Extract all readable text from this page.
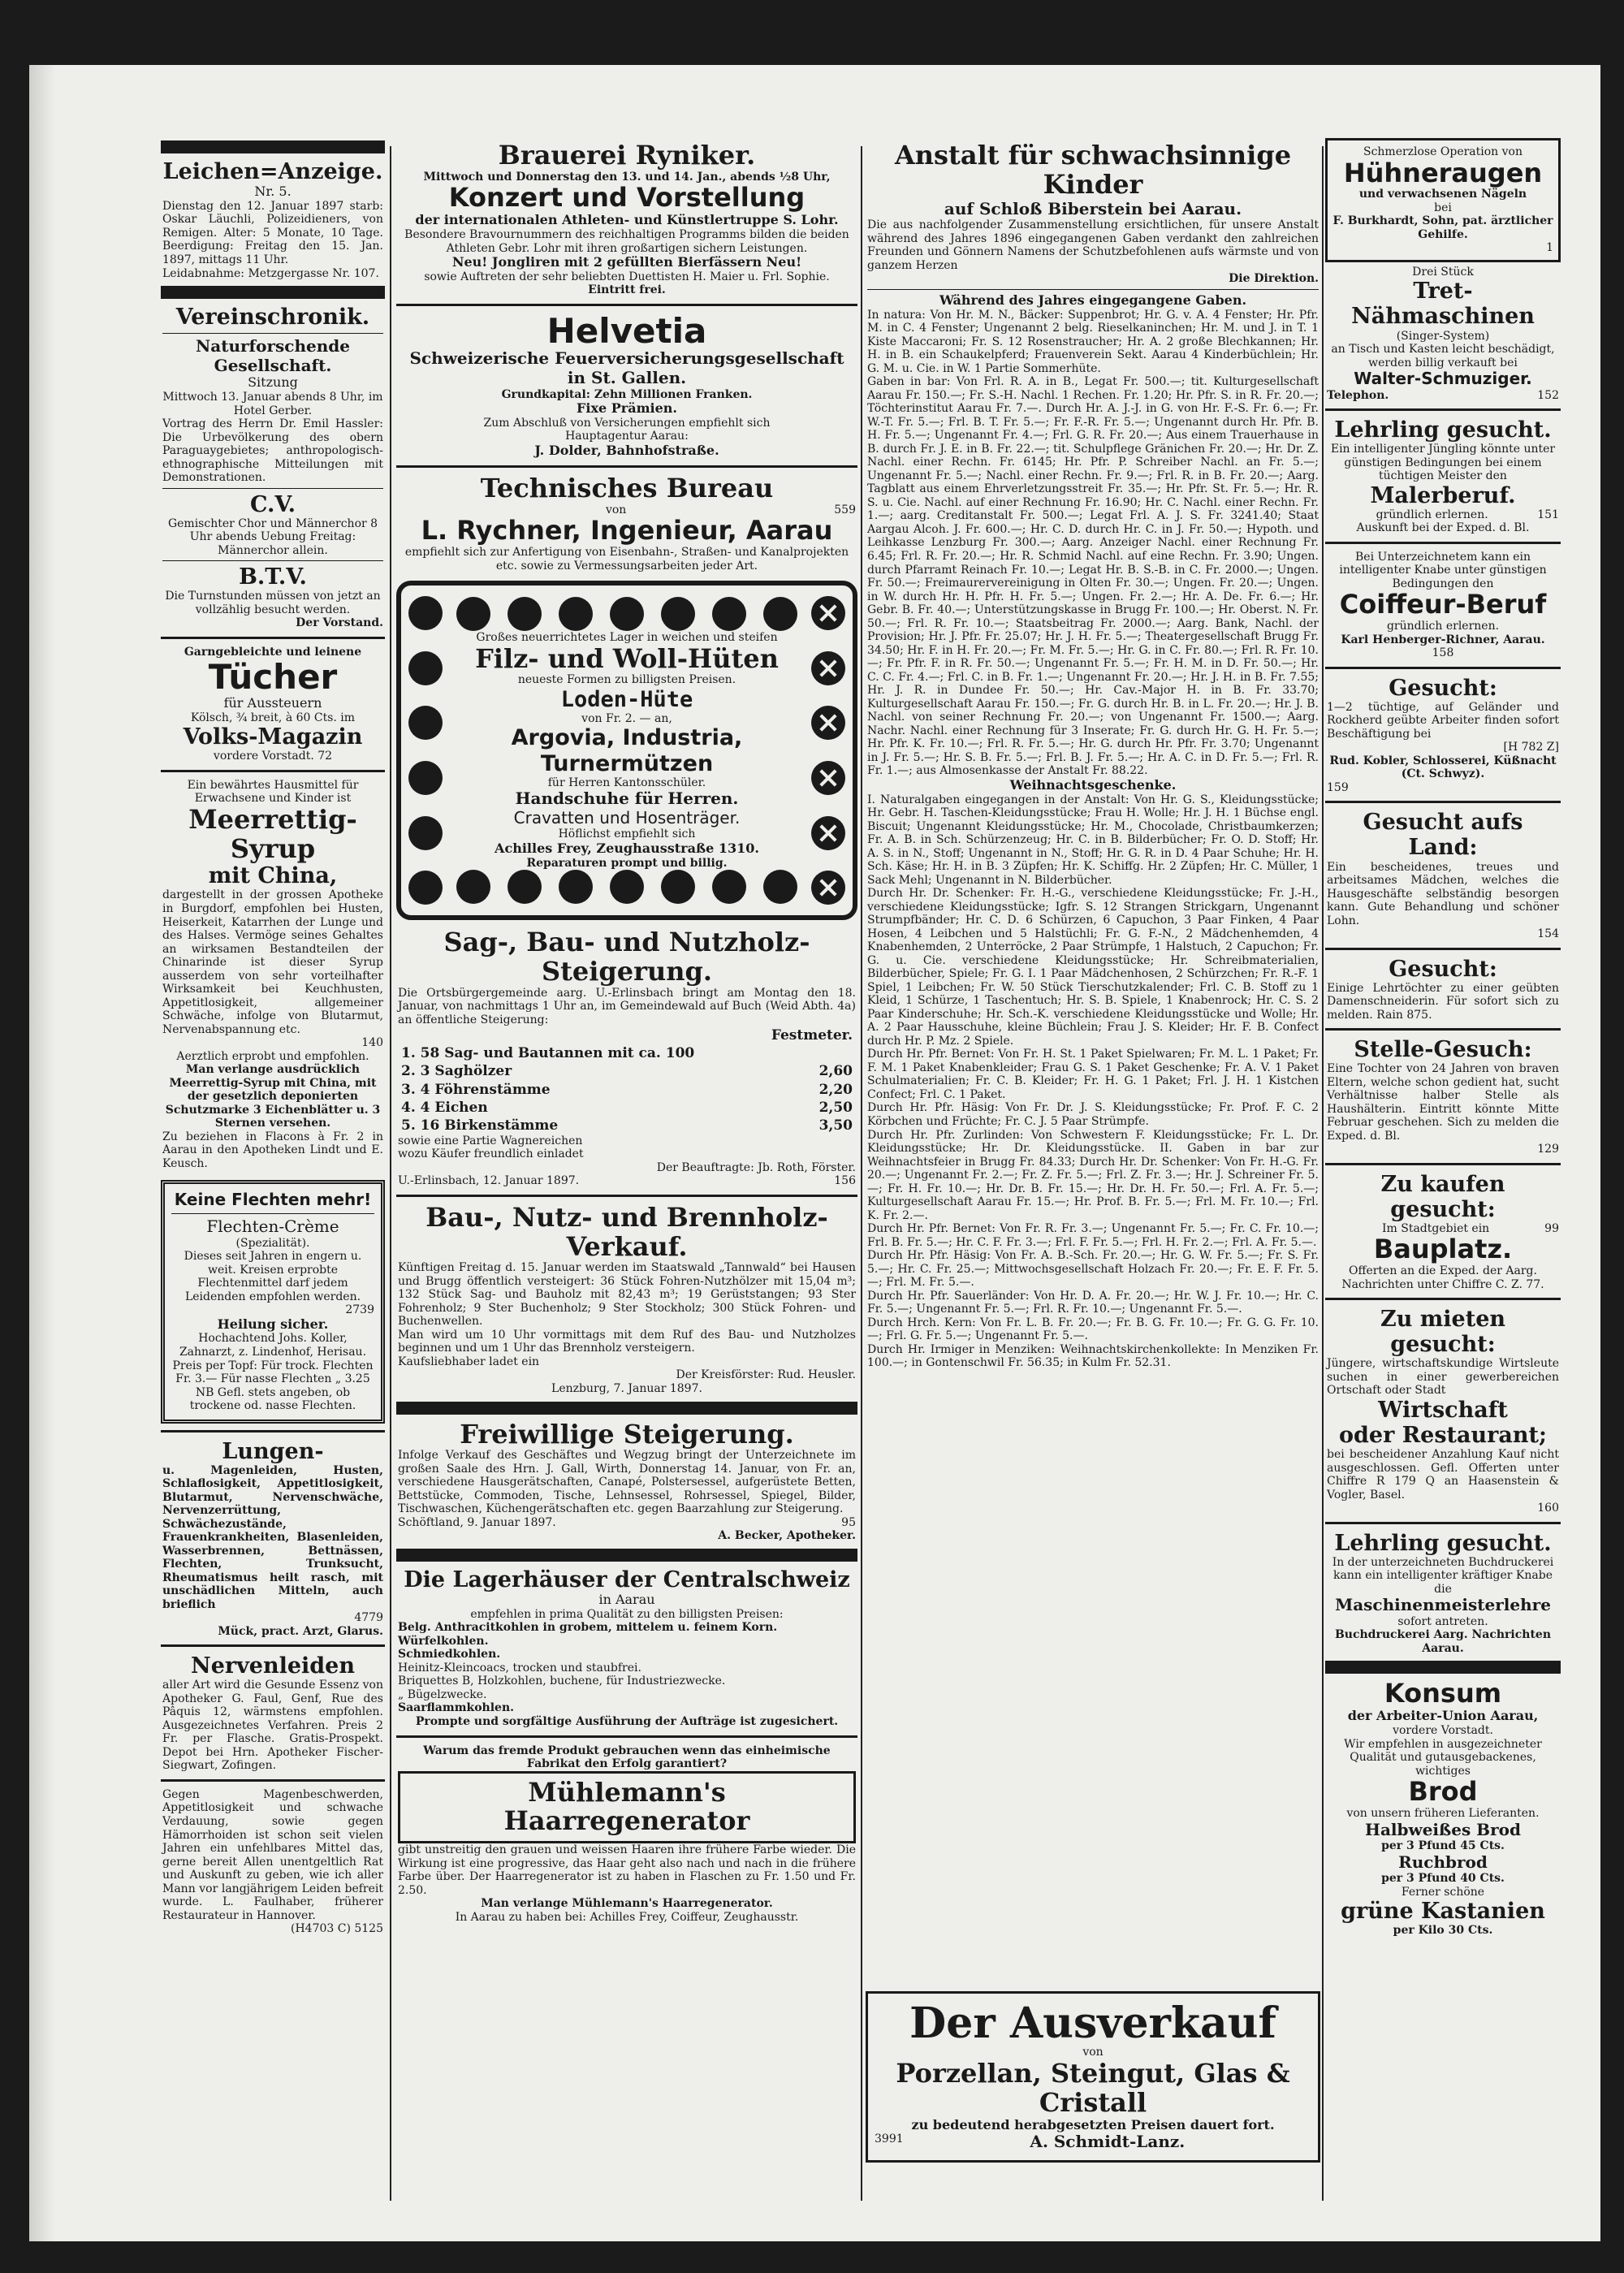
Leichen=Anzeige.
Nr. 5.
Dienstag den 12. Januar 1897 starb: Oskar Läuchli, Polizeidieners, von Remigen. Alter: 5 Monate, 10 Tage. Beerdigung: Freitag den 15. Jan. 1897, mittags 11 Uhr.
Leidabnahme: Metzgergasse Nr. 107.
Vereinschronik.
Naturforschende Gesellschaft.
Sitzung
Mittwoch 13. Januar abends 8 Uhr, im Hotel Gerber.
Vortrag des Herrn Dr. Emil Hassler: Die Urbevölkerung des obern Paraguaygebietes; anthropologisch-ethnographische Mitteilungen mit Demonstrationen.
C.V.
Gemischter Chor und Männerchor 8 Uhr abends Uebung Freitag: Männerchor allein.
B.T.V.
Die Turnstunden müssen von jetzt an vollzählig besucht werden.
Der Vorstand.
Garngebleichte und leinene
Tücher
für Aussteuern
Kölsch, ¾ breit, à 60 Cts. im
Volks-Magazin
vordere Vorstadt. 72
Ein bewährtes Hausmittel für Erwachsene und Kinder ist
Meerrettig-Syrup
mit China,
dargestellt in der grossen Apotheke in Burgdorf, empfohlen bei Husten, Heiserkeit, Katarrhen der Lunge und des Halses. Vermöge seines Gehaltes an wirksamen Bestandteilen der Chinarinde ist dieser Syrup ausserdem von sehr vorteilhafter Wirksamkeit bei Keuchhusten, Appetitlosigkeit, allgemeiner Schwäche, infolge von Blutarmut, Nervenabspannung etc.
140
Aerztlich erprobt und empfohlen.
Man verlange ausdrücklich Meerrettig-Syrup mit China, mit der gesetzlich deponierten Schutzmarke 3 Eichenblätter u. 3 Sternen versehen.
Zu beziehen in Flacons à Fr. 2 in Aarau in den Apotheken Lindt und E. Keusch.
Keine Flechten mehr!
Flechten-Crème
(Spezialität).
Dieses seit Jahren in engern u. weit. Kreisen erprobte Flechtenmittel darf jedem Leidenden empfohlen werden.
2739
Heilung sicher.
Hochachtend Johs. Koller, Zahnarzt, z. Lindenhof, Herisau.
Preis per Topf: Für trock. Flechten Fr. 3.— Für nasse Flechten „ 3.25
NB Gefl. stets angeben, ob trockene od. nasse Flechten.
Lungen-
u. Magenleiden, Husten, Schlaflosigkeit, Appetitlosigkeit, Blutarmut, Nervenschwäche, Nervenzerrüttung, Schwächezustände, Frauenkrankheiten, Blasenleiden, Wasserbrennen, Bettnässen, Flechten, Trunksucht, Rheumatismus heilt rasch, mit unschädlichen Mitteln, auch brieflich
4779
Mück, pract. Arzt, Glarus.
Nervenleiden
aller Art wird die Gesunde Essenz von Apotheker G. Faul, Genf, Rue des Pâquis 12, wärmstens empfohlen. Ausgezeichnetes Verfahren. Preis 2 Fr. per Flasche. Gratis-Prospekt. Depot bei Hrn. Apotheker Fischer-Siegwart, Zofingen.
Gegen Magenbeschwerden, Appetitlosigkeit und schwache Verdauung, sowie gegen Hämorrhoiden ist schon seit vielen Jahren ein unfehlbares Mittel das, gerne bereit Allen unentgeltlich Rat und Auskunft zu geben, wie ich aller Mann vor langjährigem Leiden befreit wurde. L. Faulhaber, früherer Restaurateur in Hannover.
(H4703 C) 5125
Brauerei Ryniker.
Mittwoch und Donnerstag den 13. und 14. Jan., abends ½8 Uhr,
Konzert und Vorstellung
der internationalen Athleten- und Künstlertruppe S. Lohr.
Besondere Bravournummern des reichhaltigen Programms bilden die beiden Athleten Gebr. Lohr mit ihren großartigen sichern Leistungen.
Neu! Jongliren mit 2 gefüllten Bierfässern Neu!
sowie Auftreten der sehr beliebten Duettisten H. Maier u. Frl. Sophie.
Eintritt frei.
Helvetia
Schweizerische Feuerversicherungsgesellschaft in St. Gallen.
Grundkapital: Zehn Millionen Franken.
Fixe Prämien.
Zum Abschluß von Versicherungen empfiehlt sich
Hauptagentur Aarau:
J. Dolder, Bahnhofstraße.
Technisches Bureau
von	559
L. Rychner, Ingenieur, Aarau
empfiehlt sich zur Anfertigung von Eisenbahn-, Straßen- und Kanalprojekten etc. sowie zu Vermessungsarbeiten jeder Art.
Großes neuerrichtetes Lager in weichen und steifen
Filz- und Woll-Hüten
neueste Formen zu billigsten Preisen.
Loden-Hüte
von Fr. 2. — an,
Argovia, Industria, Turnermützen
für Herren Kantonsschüler.
Handschuhe für Herren.
Cravatten und Hosenträger.
Höflichst empfiehlt sich
Achilles Frey, Zeughausstraße 1310.
Reparaturen prompt und billig.
Sag-, Bau- und Nutzholz-Steigerung.
Die Ortsbürgergemeinde aarg. U.-Erlinsbach bringt am Montag den 18. Januar, von nachmittags 1 Uhr an, im Gemeindewald auf Buch (Weid Abth. 4a) an öffentliche Steigerung:
	Festmeter.
1. 58 Sag- und Bautannen mit ca. 100	
2. 3 Saghölzer	2,60
3. 4 Föhrenstämme	2,20
4. 4 Eichen	2,50
5. 16 Birkenstämme	3,50
sowie eine Partie Wagnereichen
wozu Käufer freundlich einladet
Der Beauftragte: Jb. Roth, Förster.
U.-Erlinsbach, 12. Januar 1897.	156
Bau-, Nutz- und Brennholz-Verkauf.
Künftigen Freitag d. 15. Januar werden im Staatswald „Tannwald“ bei Hausen und Brugg öffentlich versteigert: 36 Stück Fohren-Nutzhölzer mit 15,04 m³; 132 Stück Sag- und Bauholz mit 82,43 m³; 19 Gerüststangen; 93 Ster Fohrenholz; 9 Ster Buchenholz; 9 Ster Stockholz; 300 Stück Fohren- und Buchenwellen.
Man wird um 10 Uhr vormittags mit dem Ruf des Bau- und Nutzholzes beginnen und um 1 Uhr das Brennholz versteigern.
Kaufsliebhaber ladet ein
Der Kreisförster: Rud. Heusler.
Lenzburg, 7. Januar 1897.
Freiwillige Steigerung.
Infolge Verkauf des Geschäftes und Wegzug bringt der Unterzeichnete im großen Saale des Hrn. J. Gall, Wirth, Donnerstag 14. Januar, von Fr. an, verschiedene Hausgerätschaften, Canapé, Polstersessel, aufgerüstete Betten, Bettstücke, Commoden, Tische, Lehnsessel, Rohrsessel, Spiegel, Bilder, Tischwaschen, Küchengerätschaften etc. gegen Baarzahlung zur Steigerung.
Schöftland, 9. Januar 1897.	95
A. Becker, Apotheker.
Die Lagerhäuser der Centralschweiz
in Aarau
empfehlen in prima Qualität zu den billigsten Preisen:
Belg. Anthracitkohlen in grobem, mittelem u. feinem Korn.
Würfelkohlen.
Schmiedkohlen.
Heinitz-Kleincoacs, trocken und staubfrei.
Briquettes B, Holzkohlen, buchene, für Industriezwecke.
„ Bügelzwecke.
Saarflammkohlen.
Prompte und sorgfältige Ausführung der Aufträge ist zugesichert.
Warum das fremde Produkt gebrauchen wenn das einheimische Fabrikat den Erfolg garantiert?
Mühlemann's Haarregenerator
gibt unstreitig den grauen und weissen Haaren ihre frühere Farbe wieder. Die Wirkung ist eine progressive, das Haar geht also nach und nach in die frühere Farbe über. Der Haarregenerator ist zu haben in Flaschen zu Fr. 1.50 und Fr. 2.50.
Man verlange Mühlemann's Haarregenerator.
In Aarau zu haben bei: Achilles Frey, Coiffeur, Zeughausstr.
Anstalt für schwachsinnige Kinder
auf Schloß Biberstein bei Aarau.
Die aus nachfolgender Zusammenstellung ersichtlichen, für unsere Anstalt während des Jahres 1896 eingegangenen Gaben verdankt den zahlreichen Freunden und Gönnern Namens der Schutzbefohlenen aufs wärmste und von ganzem Herzen
Die Direktion.
Während des Jahres eingegangene Gaben.
In natura: Von Hr. M. N., Bäcker: Suppenbrot; Hr. G. v. A. 4 Fenster; Hr. Pfr. M. in C. 4 Fenster; Ungenannt 2 belg. Rieselkaninchen; Hr. M. und J. in T. 1 Kiste Maccaroni; Fr. S. 12 Rosenstraucher; Hr. A. 2 große Blechkannen; Hr. H. in B. ein Schaukelpferd; Frauenverein Sekt. Aarau 4 Kinderbüchlein; Hr. G. M. u. Cie. in W. 1 Partie Sommerhüte.
Gaben in bar: Von Frl. R. A. in B., Legat Fr. 500.—; tit. Kulturgesellschaft Aarau Fr. 150.—; Fr. S.-H. Nachl. 1 Rechen. Fr. 1.20; Hr. Pfr. S. in R. Fr. 20.—; Töchterinstitut Aarau Fr. 7.—. Durch Hr. A. J.-J. in G. von Hr. F.-S. Fr. 6.—; Fr. W.-T. Fr. 5.—; Frl. B. T. Fr. 5.—; Fr. F.-R. Fr. 5.—; Ungenannt durch Hr. Pfr. B. H. Fr. 5.—; Ungenannt Fr. 4.—; Frl. G. R. Fr. 20.—; Aus einem Trauerhause in B. durch Fr. J. E. in B. Fr. 22.—; tit. Schulpflege Gränichen Fr. 20.—; Hr. Dr. Z. Nachl. einer Rechn. Fr. 6145; Hr. Pfr. P. Schreiber Nachl. an Fr. 5.—; Ungenannt Fr. 5.—; Nachl. einer Rechn. Fr. 9.—; Frl. R. in B. Fr. 20.—; Aarg. Tagblatt aus einem Ehrverletzungsstreit Fr. 35.—; Hr. Pfr. St. Fr. 5.—; Hr. R. S. u. Cie. Nachl. auf einer Rechnung Fr. 16.90; Hr. C. Nachl. einer Rechn. Fr. 1.—; aarg. Creditanstalt Fr. 500.—; Legat Frl. A. J. S. Fr. 3241.40; Staat Aargau Alcoh. J. Fr. 600.—; Hr. C. D. durch Hr. C. in J. Fr. 50.—; Hypoth. und Leihkasse Lenzburg Fr. 300.—; Aarg. Anzeiger Nachl. einer Rechnung Fr. 6.45; Frl. R. Fr. 20.—; Hr. R. Schmid Nachl. auf eine Rechn. Fr. 3.90; Ungen. durch Pfarramt Reinach Fr. 10.—; Legat Hr. B. S.-B. in C. Fr. 2000.—; Ungen. Fr. 50.—; Freimaurervereinigung in Olten Fr. 30.—; Ungen. Fr. 20.—; Ungen. in W. durch Hr. H. Pfr. H. Fr. 5.—; Ungen. Fr. 2.—; Hr. A. De. Fr. 6.—; Hr. Gebr. B. Fr. 40.—; Unterstützungskasse in Brugg Fr. 100.—; Hr. Oberst. N. Fr. 50.—; Frl. R. Fr. 10.—; Staatsbeitrag Fr. 2000.—; Aarg. Bank, Nachl. der Provision; Hr. J. Pfr. Fr. 25.07; Hr. J. H. Fr. 5.—; Theatergesellschaft Brugg Fr. 34.50; Hr. F. in H. Fr. 20.—; Fr. M. Fr. 5.—; Hr. G. in C. Fr. 80.—; Frl. R. Fr. 10.—; Fr. Pfr. F. in R. Fr. 50.—; Ungenannt Fr. 5.—; Fr. H. M. in D. Fr. 50.—; Hr. C. C. Fr. 4.—; Frl. C. in B. Fr. 1.—; Ungenannt Fr. 20.—; Hr. J. H. in B. Fr. 7.55; Hr. J. R. in Dundee Fr. 50.—; Hr. Cav.-Major H. in B. Fr. 33.70; Kulturgesellschaft Aarau Fr. 150.—; Fr. G. durch Hr. B. in L. Fr. 20.—; Hr. J. B. Nachl. von seiner Rechnung Fr. 20.—; von Ungenannt Fr. 1500.—; Aarg. Nachr. Nachl. einer Rechnung für 3 Inserate; Fr. G. durch Hr. G. H. Fr. 5.—; Hr. Pfr. K. Fr. 10.—; Frl. R. Fr. 5.—; Hr. G. durch Hr. Pfr. Fr. 3.70; Ungenannt in J. Fr. 5.—; Hr. S. B. Fr. 5.—; Frl. B. J. Fr. 5.—; Hr. A. C. in D. Fr. 5.—; Frl. R. Fr. 1.—; aus Almosenkasse der Anstalt Fr. 88.22.
Weihnachtsgeschenke.
I. Naturalgaben eingegangen in der Anstalt: Von Hr. G. S., Kleidungsstücke; Hr. Gebr. H. Taschen-Kleidungsstücke; Frau H. Wolle; Hr. J. H. 1 Büchse engl. Biscuit; Ungenannt Kleidungsstücke; Hr. M., Chocolade, Christbaumkerzen; Fr. A. B. in Sch. Schürzenzeug; Hr. C. in B. Bilderbücher; Fr. O. D. Stoff; Hr. A. S. in N., Stoff; Ungenannt in N., Stoff; Hr. G. R. in D. 4 Paar Schuhe; Hr. H. Sch. Käse; Hr. H. in B. 3 Züpfen; Hr. K. Schiffg. Hr. 2 Züpfen; Hr. C. Müller, 1 Sack Mehl; Ungenannt in N. Bilderbücher.
Durch Hr. Dr. Schenker: Fr. H.-G., verschiedene Kleidungsstücke; Fr. J.-H., verschiedene Kleidungsstücke; Igfr. S. 12 Strangen Strickgarn, Ungenannt Strumpfbänder; Hr. C. D. 6 Schürzen, 6 Capuchon, 3 Paar Finken, 4 Paar Hosen, 4 Leibchen und 5 Halstüchli; Fr. G. F.-N., 2 Mädchenhemden, 4 Knabenhemden, 2 Unterröcke, 2 Paar Strümpfe, 1 Halstuch, 2 Capuchon; Fr. G. u. Cie. verschiedene Kleidungsstücke; Hr. Schreibmaterialien, Bilderbücher, Spiele; Fr. G. I. 1 Paar Mädchenhosen, 2 Schürzchen; Fr. R.-F. 1 Spiel, 1 Leibchen; Fr. W. 50 Stück Tierschutzkalender; Frl. C. B. Stoff zu 1 Kleid, 1 Schürze, 1 Taschentuch; Hr. S. B. Spiele, 1 Knabenrock; Hr. C. S. 2 Paar Kinderschuhe; Hr. Sch.-K. verschiedene Kleidungsstücke und Wolle; Hr. A. 2 Paar Hausschuhe, kleine Büchlein; Frau J. S. Kleider; Hr. F. B. Confect durch Hr. P. Mz. 2 Spiele.
Durch Hr. Pfr. Bernet: Von Fr. H. St. 1 Paket Spielwaren; Fr. M. L. 1 Paket; Fr. F. M. 1 Paket Knabenkleider; Frau G. S. 1 Paket Geschenke; Fr. A. V. 1 Paket Schulmaterialien; Fr. C. B. Kleider; Fr. H. G. 1 Paket; Frl. J. H. 1 Kistchen Confect; Frl. C. 1 Paket.
Durch Hr. Pfr. Häsig: Von Fr. Dr. J. S. Kleidungsstücke; Fr. Prof. F. C. 2 Körbchen und Früchte; Fr. C. J. 5 Paar Strümpfe.
Durch Hr. Pfr. Zurlinden: Von Schwestern F. Kleidungsstücke; Fr. L. Dr. Kleidungsstücke; Hr. Dr. Kleidungsstücke. II. Gaben in bar zur Weihnachtsfeier in Brugg Fr. 84.33; Durch Hr. Dr. Schenker: Von Fr. H.-G. Fr. 20.—; Ungenannt Fr. 2.—; Fr. Z. Fr. 5.—; Frl. Z. Fr. 3.—; Hr. J. Schreiner Fr. 5.—; Fr. H. Fr. 10.—; Hr. Dr. B. Fr. 15.—; Hr. Dr. H. Fr. 50.—; Frl. A. Fr. 5.—; Kulturgesellschaft Aarau Fr. 15.—; Hr. Prof. B. Fr. 5.—; Frl. M. Fr. 10.—; Frl. K. Fr. 2.—.
Durch Hr. Pfr. Bernet: Von Fr. R. Fr. 3.—; Ungenannt Fr. 5.—; Fr. C. Fr. 10.—; Frl. B. Fr. 5.—; Hr. C. F. Fr. 3.—; Frl. F. Fr. 5.—; Frl. H. Fr. 2.—; Frl. A. Fr. 5.—.
Durch Hr. Pfr. Häsig: Von Fr. A. B.-Sch. Fr. 20.—; Hr. G. W. Fr. 5.—; Fr. S. Fr. 5.—; Hr. C. Fr. 25.—; Mittwochsgesellschaft Holzach Fr. 20.—; Fr. E. F. Fr. 5.—; Frl. M. Fr. 5.—.
Durch Hr. Pfr. Sauerländer: Von Hr. D. A. Fr. 20.—; Hr. W. J. Fr. 10.—; Hr. C. Fr. 5.—; Ungenannt Fr. 5.—; Frl. R. Fr. 10.—; Ungenannt Fr. 5.—.
Durch Hrch. Kern: Von Fr. L. B. Fr. 20.—; Fr. B. G. Fr. 10.—; Fr. G. G. Fr. 10.—; Frl. G. Fr. 5.—; Ungenannt Fr. 5.—.
Durch Hr. Irmiger in Menziken: Weihnachtskirchenkollekte: In Menziken Fr. 100.—; in Gontenschwil Fr. 56.35; in Kulm Fr. 52.31.
Der Ausverkauf
von
Porzellan, Steingut, Glas & Cristall
zu bedeutend herabgesetzten Preisen dauert fort.
3991	A. Schmidt-Lanz.
Schmerzlose Operation von
Hühneraugen
und verwachsenen Nägeln
bei
F. Burkhardt, Sohn, pat. ärztlicher Gehilfe.
1
Drei Stück
Tret-Nähmaschinen
(Singer-System)
an Tisch und Kasten leicht beschädigt, werden billig verkauft bei
Walter-Schmuziger.
Telephon.	152

Lehrling gesucht.
Ein intelligenter Jüngling könnte unter günstigen Bedingungen bei einem tüchtigen Meister den
Malerberuf.
gründlich erlernen.	151
Auskunft bei der Exped. d. Bl.
Bei Unterzeichnetem kann ein intelligenter Knabe unter günstigen Bedingungen den
Coiffeur-Beruf
gründlich erlernen.
Karl Henberger-Richner, Aarau.
158
Gesucht:
1—2 tüchtige, auf Geländer und Rockherd geübte Arbeiter finden sofort Beschäftigung bei
[H 782 Z]
Rud. Kobler, Schlosserei, Küßnacht (Ct. Schwyz).
159
Gesucht aufs Land:
Ein bescheidenes, treues und arbeitsames Mädchen, welches die Hausgeschäfte selbständig besorgen kann. Gute Behandlung und schöner Lohn.
154
Gesucht:
Einige Lehrtöchter zu einer geübten Damenschneiderin. Für sofort sich zu melden. Rain 875.
Stelle-Gesuch:
Eine Tochter von 24 Jahren von braven Eltern, welche schon gedient hat, sucht Verhältnisse halber Stelle als Haushälterin. Eintritt könnte Mitte Februar geschehen. Sich zu melden die Exped. d. Bl.
129
Zu kaufen gesucht:
Im Stadtgebiet ein	99
Bauplatz.
Offerten an die Exped. der Aarg. Nachrichten unter Chiffre C. Z. 77.
Zu mieten gesucht:
Jüngere, wirtschaftskundige Wirtsleute suchen in einer gewerbereichen Ortschaft oder Stadt
Wirtschaft
oder Restaurant;
bei bescheidener Anzahlung Kauf nicht ausgeschlossen. Gefl. Offerten unter Chiffre R 179 Q an Haasenstein & Vogler, Basel.
160
Lehrling gesucht.
In der unterzeichneten Buchdruckerei kann ein intelligenter kräftiger Knabe die
Maschinenmeisterlehre
sofort antreten.
Buchdruckerei Aarg. Nachrichten Aarau.
Konsum
der Arbeiter-Union Aarau,
vordere Vorstadt.
Wir empfehlen in ausgezeichneter Qualität und gutausgebackenes, wichtiges
Brod
von unsern früheren Lieferanten.
Halbweißes Brod
per 3 Pfund 45 Cts.
Ruchbrod
per 3 Pfund 40 Cts.
Ferner schöne
grüne Kastanien
per Kilo 30 Cts.
